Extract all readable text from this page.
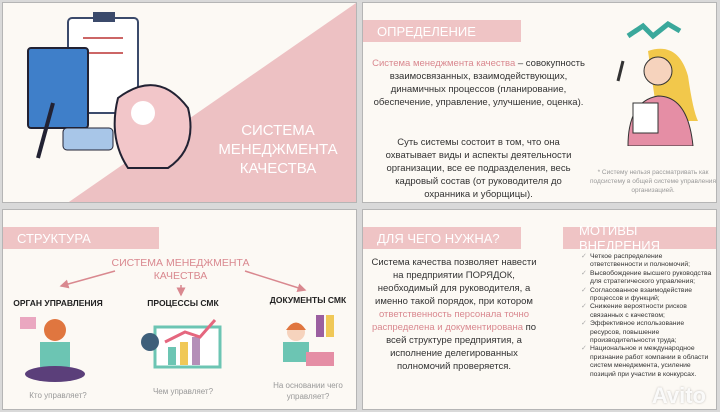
СИСТЕМА МЕНЕДЖМЕНТА КАЧЕСТВА
ОПРЕДЕЛЕНИЕ
Система менеджмента качества – совокупность взаимосвязанных, взаимодействующих, динамичных процессов (планирование, обеспечение, управление, улучшение, оценка).
Суть системы состоит в том, что она охватывает виды и аспекты деятельности организации, все ее подразделения, весь кадровый состав (от руководителя до охранника и уборщицы).
* Систему нельзя рассматривать как подсистему в общей системе управления организацией.
СТРУКТУРА
СИСТЕМА МЕНЕДЖМЕНТА КАЧЕСТВА
ОРГАН УПРАВЛЕНИЯ	ПРОЦЕССЫ СМК	ДОКУМЕНТЫ СМК
Кто управляет?	Чем управляет?
На основании чего управляет?
ДЛЯ ЧЕГО НУЖНА?	МОТИВЫ ВНЕДРЕНИЯ
Система качества позволяет навести на предприятии ПОРЯДОК, необходимый для руководителя, а именно такой порядок, при котором ответственность персонала точно распределена и документирована по всей структуре предприятия, а исполнение делегированных полномочий проверяется.
✓ Четкое распределение ответственности и полномочий;
✓ Высвобождение высшего руководства для стратегического управления;
✓ Согласованное взаимодействие процессов и функций;
✓ Снижение вероятности рисков связанных с качеством;
✓ Эффективное использование ресурсов, повышение производительности труда;
✓ Национальное и международное признание работ компании в области систем менеджмента, усиление позиций при участии в конкурсах.
Avito
